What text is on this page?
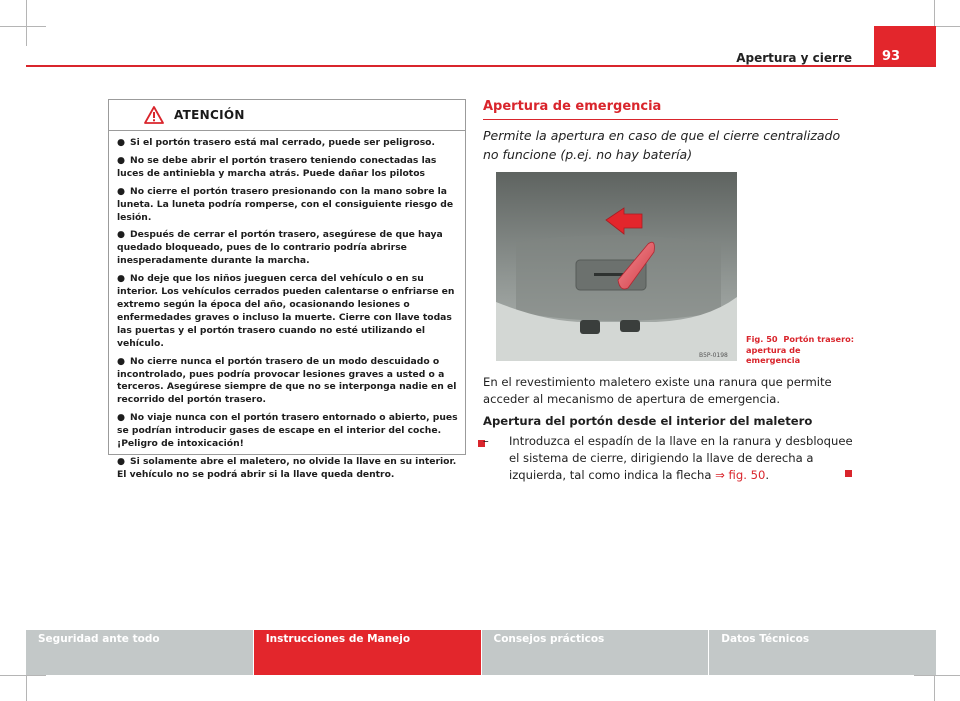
Apertura y cierre	93
ATENCIÓN
● Si el portón trasero está mal cerrado, puede ser peligroso.
● No se debe abrir el portón trasero teniendo conectadas las luces de antiniebla y marcha atrás. Puede dañar los pilotos
● No cierre el portón trasero presionando con la mano sobre la luneta. La luneta podría romperse, con el consiguiente riesgo de lesión.
● Después de cerrar el portón trasero, asegúrese de que haya quedado bloqueado, pues de lo contrario podría abrirse inesperadamente durante la marcha.
● No deje que los niños jueguen cerca del vehículo o en su interior. Los vehículos cerrados pueden calentarse o enfriarse en extremo según la época del año, ocasionando lesiones o enfermedades graves o incluso la muerte. Cierre con llave todas las puertas y el portón trasero cuando no esté utilizando el vehículo.
● No cierre nunca el portón trasero de un modo descuidado o incontrolado, pues podría provocar lesiones graves a usted o a terceros. Asegúrese siempre de que no se interponga nadie en el recorrido del portón trasero.
● No viaje nunca con el portón trasero entornado o abierto, pues se podrían introducir gases de escape en el interior del coche. ¡Peligro de intoxicación!
● Si solamente abre el maletero, no olvide la llave en su interior. El vehículo no se podrá abrir si la llave queda dentro.
Apertura de emergencia
Permite la apertura en caso de que el cierre centralizado no funcione (p.ej. no hay batería)
B5P-0198
Fig. 50 Portón trasero: apertura de emergencia
En el revestimiento maletero existe una ranura que permite acceder al mecanismo de apertura de emergencia.
Apertura del portón desde el interior del maletero
–	Introduzca el espadín de la llave en la ranura y desbloquee el sistema de cierre, dirigiendo la llave de derecha a izquierda, tal como indica la flecha ⇒ fig. 50.
Seguridad ante todo	Instrucciones de Manejo	Consejos prácticos	Datos Técnicos
